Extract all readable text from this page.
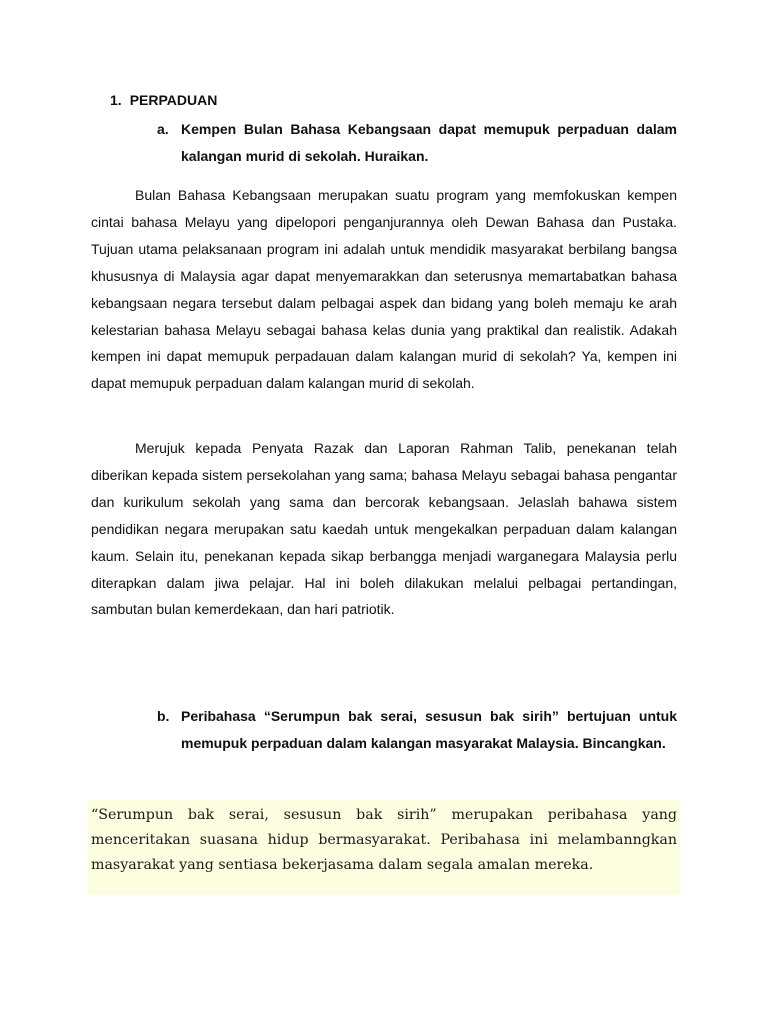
1. PERPADUAN
a. Kempen Bulan Bahasa Kebangsaan dapat memupuk perpaduan dalam kalangan murid di sekolah. Huraikan.

Bulan Bahasa Kebangsaan merupakan suatu program yang memfokuskan kempen cintai bahasa Melayu yang dipelopori penganjurannya oleh Dewan Bahasa dan Pustaka. Tujuan utama pelaksanaan program ini adalah untuk mendidik masyarakat berbilang bangsa khususnya di Malaysia agar dapat menyemarakkan dan seterusnya memartabatkan bahasa kebangsaan negara tersebut dalam pelbagai aspek dan bidang yang boleh memaju ke arah kelestarian bahasa Melayu sebagai bahasa kelas dunia yang praktikal dan realistik. Adakah kempen ini dapat memupuk perpadauan dalam kalangan murid di sekolah? Ya, kempen ini dapat memupuk perpaduan dalam kalangan murid di sekolah.

Merujuk kepada Penyata Razak dan Laporan Rahman Talib, penekanan telah diberikan kepada sistem persekolahan yang sama; bahasa Melayu sebagai bahasa pengantar dan kurikulum sekolah yang sama dan bercorak kebangsaan. Jelaslah bahawa sistem pendidikan negara merupakan satu kaedah untuk mengekalkan perpaduan dalam kalangan kaum. Selain itu, penekanan kepada sikap berbangga menjadi warganegara Malaysia perlu diterapkan dalam jiwa pelajar. Hal ini boleh dilakukan melalui pelbagai pertandingan, sambutan bulan kemerdekaan, dan hari patriotik.

b. Peribahasa “Serumpun bak serai, sesusun bak sirih” bertujuan untuk memupuk perpaduan dalam kalangan masyarakat Malaysia. Bincangkan.

“Serumpun bak serai, sesusun bak sirih” merupakan peribahasa yang menceritakan suasana hidup bermasyarakat. Peribahasa ini melambanngkan masyarakat yang sentiasa bekerjasama dalam segala amalan mereka.
